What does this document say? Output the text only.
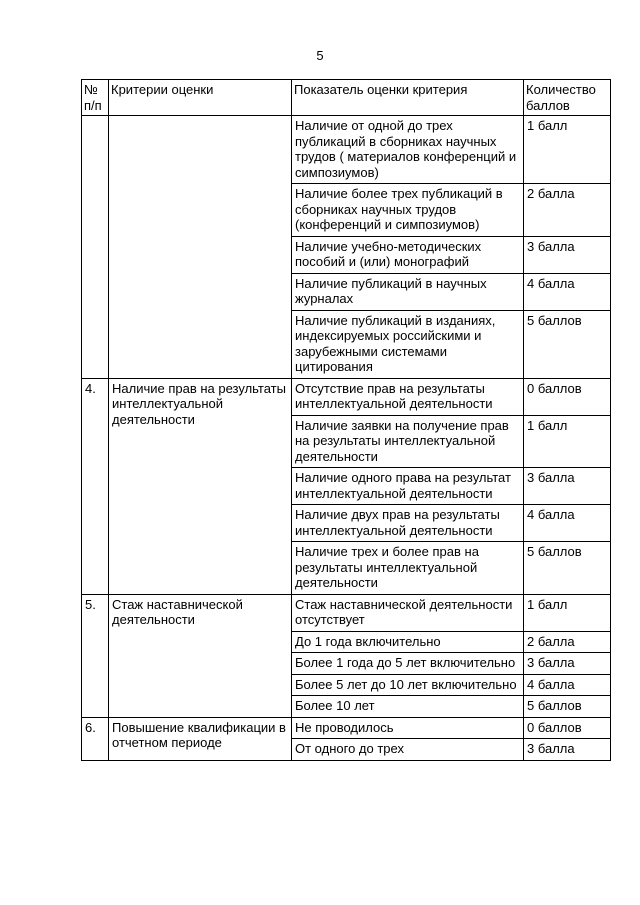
5
№ п/п	Критерии оценки	Показатель оценки критерия	Количество баллов
		Наличие от одной до трех публикаций в сборниках научных трудов ( материалов конференций и симпозиумов)	1 балл
		Наличие более трех публикаций в сборниках научных трудов (конференций и симпозиумов)	2 балла
		Наличие учебно-методических пособий и (или) монографий	3 балла
		Наличие публикаций в научных журналах	4 балла
		Наличие публикаций в изданиях, индексируемых российскими и зарубежными системами цитирования	5 баллов
4.	Наличие прав на результаты интеллектуальной деятельности	Отсутствие прав на результаты интеллектуальной деятельности	0 баллов
		Наличие заявки на получение прав на результаты интеллектуальной деятельности	1 балл
		Наличие одного права на результат интеллектуальной деятельности	3 балла
		Наличие двух прав на результаты интеллектуальной деятельности	4 балла
		Наличие трех и более прав на результаты интеллектуальной деятельности	5 баллов
5.	Стаж наставнической деятельности	Стаж наставнической деятельности отсутствует	1 балл
		До 1 года включительно	2 балла
		Более 1 года до 5 лет включительно	3 балла
		Более 5 лет до 10 лет включительно	4 балла
		Более 10 лет	5 баллов
6.	Повышение квалификации в отчетном периоде	Не проводилось	0 баллов
		От одного до трех	3 балла
